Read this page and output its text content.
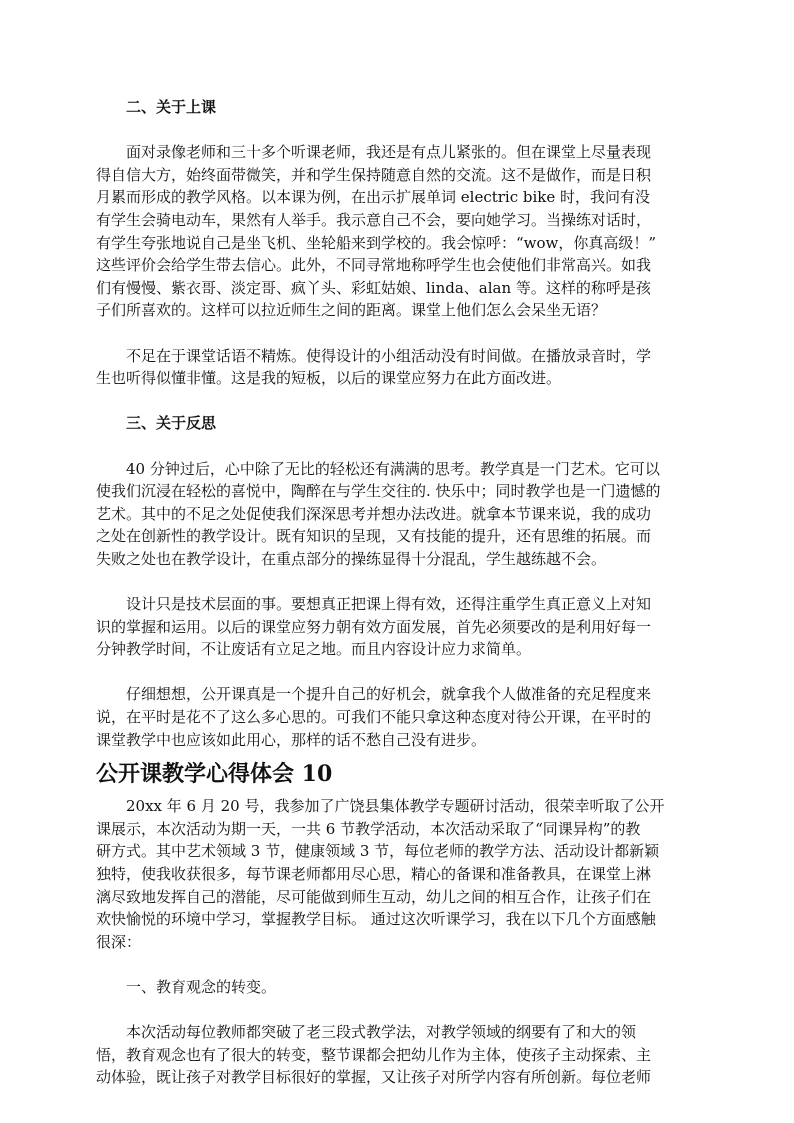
二、关于上课
面对录像老师和三十多个听课老师，我还是有点儿紧张的。但在课堂上尽量表现
得自信大方，始终面带微笑，并和学生保持随意自然的交流。这不是做作，而是日积
月累而形成的教学风格。以本课为例，在出示扩展单词 electric bike 时，我问有没
有学生会骑电动车，果然有人举手。我示意自己不会，要向她学习。当操练对话时，
有学生夸张地说自己是坐飞机、坐轮船来到学校的。我会惊呼：“wow，你真高级！”
这些评价会给学生带去信心。此外，不同寻常地称呼学生也会使他们非常高兴。如我
们有慢慢、紫衣哥、淡定哥、疯丫头、彩虹姑娘、linda、alan 等。这样的称呼是孩
子们所喜欢的。这样可以拉近师生之间的距离。课堂上他们怎么会呆坐无语？
不足在于课堂话语不精炼。使得设计的小组活动没有时间做。在播放录音时，学
生也听得似懂非懂。这是我的短板，以后的课堂应努力在此方面改进。
三、关于反思
40 分钟过后，心中除了无比的轻松还有满满的思考。教学真是一门艺术。它可以
使我们沉浸在轻松的喜悦中，陶醉在与学生交往的. 快乐中；同时教学也是一门遗憾的
艺术。其中的不足之处促使我们深深思考并想办法改进。就拿本节课来说，我的成功
之处在创新性的教学设计。既有知识的呈现，又有技能的提升，还有思维的拓展。而
失败之处也在教学设计，在重点部分的操练显得十分混乱，学生越练越不会。
设计只是技术层面的事。要想真正把课上得有效，还得注重学生真正意义上对知
识的掌握和运用。以后的课堂应努力朝有效方面发展，首先必须要改的是利用好每一
分钟教学时间，不让废话有立足之地。而且内容设计应力求简单。
仔细想想，公开课真是一个提升自己的好机会，就拿我个人做准备的充足程度来
说，在平时是花不了这么多心思的。可我们不能只拿这种态度对待公开课，在平时的
课堂教学中也应该如此用心，那样的话不愁自己没有进步。
公开课教学心得体会 10
20xx 年 6 月 20 号，我参加了广饶县集体教学专题研讨活动，很荣幸听取了公开
课展示，本次活动为期一天，一共 6 节教学活动，本次活动采取了“同课异构”的教
研方式。其中艺术领域 3 节，健康领域 3 节，每位老师的教学方法、活动设计都新颖
独特，使我收获很多，每节课老师都用尽心思，精心的备课和准备教具，在课堂上淋
漓尽致地发挥自己的潜能，尽可能做到师生互动，幼儿之间的相互合作，让孩子们在
欢快愉悦的环境中学习，掌握教学目标。 通过这次听课学习，我在以下几个方面感触
很深：
一、教育观念的转变。
本次活动每位教师都突破了老三段式教学法，对教学领域的纲要有了和大的领
悟，教育观念也有了很大的转变，整节课都会把幼儿作为主体，使孩子主动探索、主
动体验，既让孩子对教学目标很好的掌握，又让孩子对所学内容有所创新。每位老师
